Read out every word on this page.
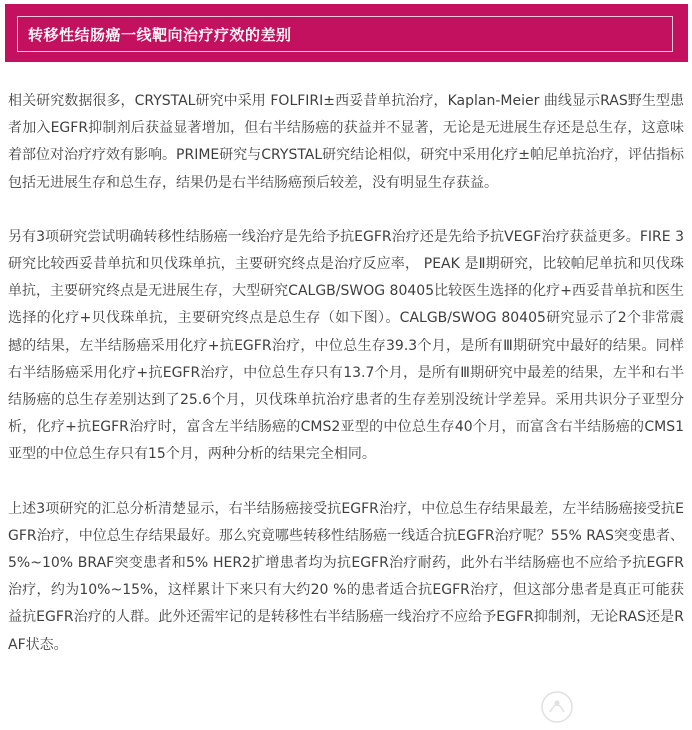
转移性结肠癌一线靶向治疗疗效的差别

相关研究数据很多，CRYSTAL研究中采用 FOLFIRI±西妥昔单抗治疗，Kaplan-Meier 曲线显示RAS野生型患者加入EGFR抑制剂后获益显著增加，但右半结肠癌的获益并不显著，无论是无进展生存还是总生存，这意味着部位对治疗疗效有影响。PRIME研究与CRYSTAL研究结论相似，研究中采用化疗±帕尼单抗治疗，评估指标包括无进展生存和总生存，结果仍是右半结肠癌预后较差，没有明显生存获益。

另有3项研究尝试明确转移性结肠癌一线治疗是先给予抗EGFR治疗还是先给予抗VEGF治疗获益更多。FIRE 3研究比较西妥昔单抗和贝伐珠单抗，主要研究终点是治疗反应率， PEAK 是Ⅱ期研究，比较帕尼单抗和贝伐珠单抗，主要研究终点是无进展生存，大型研究CALGB/SWOG 80405比较医生选择的化疗+西妥昔单抗和医生选择的化疗+贝伐珠单抗，主要研究终点是总生存（如下图）。CALGB/SWOG 80405研究显示了2个非常震撼的结果，左半结肠癌采用化疗+抗EGFR治疗，中位总生存39.3个月，是所有Ⅲ期研究中最好的结果。同样右半结肠癌采用化疗+抗EGFR治疗，中位总生存只有13.7个月，是所有Ⅲ期研究中最差的结果，左半和右半结肠癌的总生存差别达到了25.6个月，贝伐珠单抗治疗患者的生存差别没统计学差异。采用共识分子亚型分析，化疗+抗EGFR治疗时，富含左半结肠癌的CMS2亚型的中位总生存40个月，而富含右半结肠癌的CMS1亚型的中位总生存只有15个月，两种分析的结果完全相同。

上述3项研究的汇总分析清楚显示，右半结肠癌接受抗EGFR治疗，中位总生存结果最差，左半结肠癌接受抗EGFR治疗，中位总生存结果最好。那么究竟哪些转移性结肠癌一线适合抗EGFR治疗呢？55% RAS突变患者、5%~10% BRAF突变患者和5% HER2扩增患者均为抗EGFR治疗耐药，此外右半结肠癌也不应给予抗EGFR治疗，约为10%~15%，这样累计下来只有大约20 %的患者适合抗EGFR治疗，但这部分患者是真正可能获益抗EGFR治疗的人群。此外还需牢记的是转移性右半结肠癌一线治疗不应给予EGFR抑制剂，无论RAS还是RAF状态。
